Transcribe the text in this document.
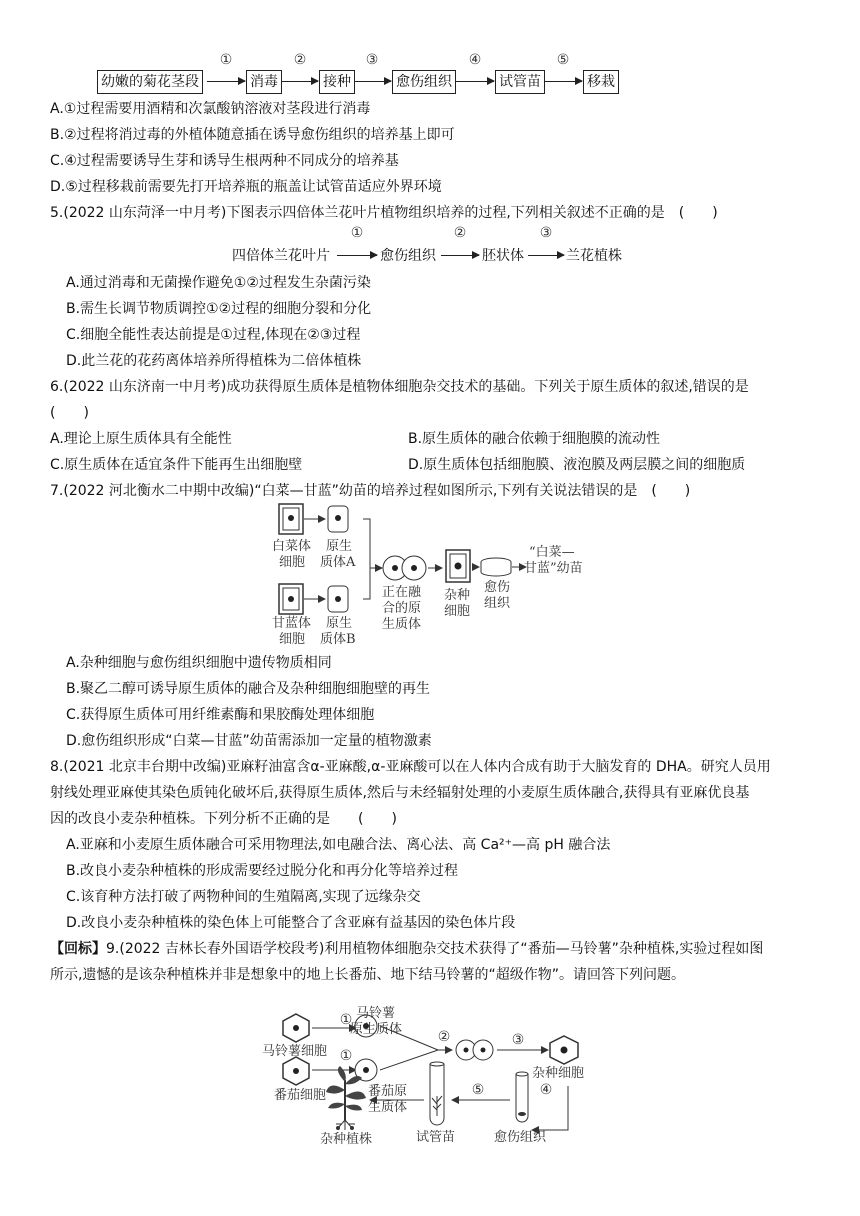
幼嫩的菊花茎段
①
消毒
②
接种
③
愈伤组织
④
试管苗
⑤
移栽
A.①过程需要用酒精和次氯酸钠溶液对茎段进行消毒
B.②过程将消过毒的外植体随意插在诱导愈伤组织的培养基上即可
C.④过程需要诱导生芽和诱导生根两种不同成分的培养基
D.⑤过程移栽前需要先打开培养瓶的瓶盖让试管苗适应外界环境
5.(2022 山东菏泽一中月考)下图表示四倍体兰花叶片植物组织培养的过程,下列相关叙述不正确的是　(　　)
四倍体兰花叶片
①
愈伤组织
②
胚状体
③
兰花植株
A.通过消毒和无菌操作避免①②过程发生杂菌污染
B.需生长调节物质调控①②过程的细胞分裂和分化
C.细胞全能性表达前提是①过程,体现在②③过程
D.此兰花的花药离体培养所得植株为二倍体植株
6.(2022 山东济南一中月考)成功获得原生质体是植物体细胞杂交技术的基础。下列关于原生质体的叙述,错误的是
(　　)
A.理论上原生质体具有全能性	B.原生质体的融合依赖于细胞膜的流动性
C.原生质体在适宜条件下能再生出细胞壁	D.原生质体包括细胞膜、液泡膜及两层膜之间的细胞质
7.(2022 河北衡水二中期中改编)“白菜—甘蓝”幼苗的培养过程如图所示,下列有关说法错误的是　(　　)
白菜体
细胞
原生
质体A
甘蓝体
细胞
原生
质体B
正在融
合的原
生质体
杂种
细胞
愈伤
组织
“白菜—
甘蓝”幼苗
A.杂种细胞与愈伤组织细胞中遗传物质相同
B.聚乙二醇可诱导原生质体的融合及杂种细胞细胞壁的再生
C.获得原生质体可用纤维素酶和果胶酶处理体细胞
D.愈伤组织形成“白菜—甘蓝”幼苗需添加一定量的植物激素
8.(2021 北京丰台期中改编)亚麻籽油富含α-亚麻酸,α-亚麻酸可以在人体内合成有助于大脑发育的 DHA。研究人员用
射线处理亚麻使其染色质钝化破坏后,获得原生质体,然后与未经辐射处理的小麦原生质体融合,获得具有亚麻优良基
因的改良小麦杂种植株。下列分析不正确的是　　(　　)
A.亚麻和小麦原生质体融合可采用物理法,如电融合法、离心法、高 Ca²⁺—高 pH 融合法
B.改良小麦杂种植株的形成需要经过脱分化和再分化等培养过程
C.该育种方法打破了两物种间的生殖隔离,实现了远缘杂交
D.改良小麦杂种植株的染色体上可能整合了含亚麻有益基因的染色体片段
【回标】9.(2022 吉林长春外国语学校段考)利用植物体细胞杂交技术获得了“番茄—马铃薯”杂种植株,实验过程如图
所示,遗憾的是该杂种植株并非是想象中的地上长番茄、地下结马铃薯的“超级作物”。请回答下列问题。
①
①
②	③
④
⑤
马铃薯细胞
马铃薯
原生质体
番茄细胞	番茄原
生质体
杂种细胞
愈伤组织
试管苗
杂种植株
